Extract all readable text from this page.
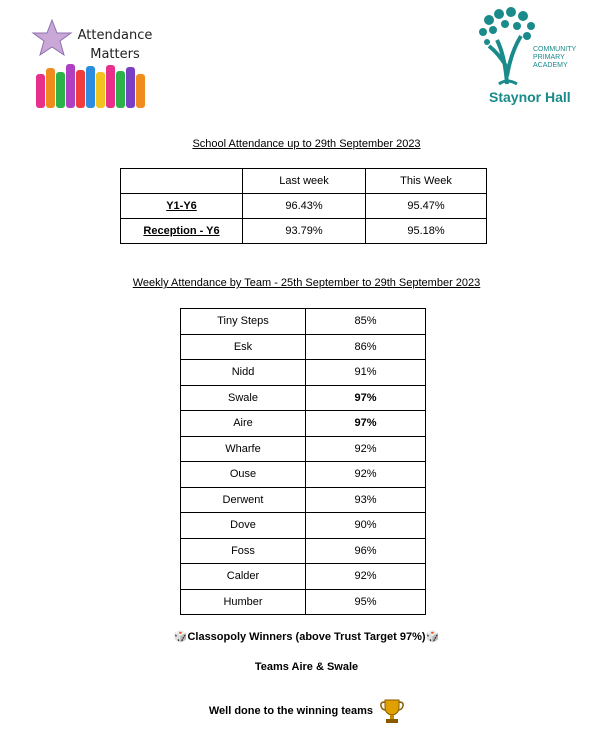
Attendance Matters	COMMUNITY
PRIMARY
ACADEMY
Staynor Hall
School Attendance up to 29th September 2023
	Last week	This Week
Y1-Y6	96.43%	95.47%
Reception - Y6	93.79%	95.18%
Weekly Attendance by Team - 25th September to 29th September 2023
Tiny Steps	85%
Esk	86%
Nidd	91%
Swale	97%
Aire	97%
Wharfe	92%
Ouse	92%
Derwent	93%
Dove	90%
Foss	96%
Calder	92%
Humber	95%
🎲Classopoly Winners (above Trust Target 97%)🎲
Teams Aire & Swale
Well done to the winning teams
